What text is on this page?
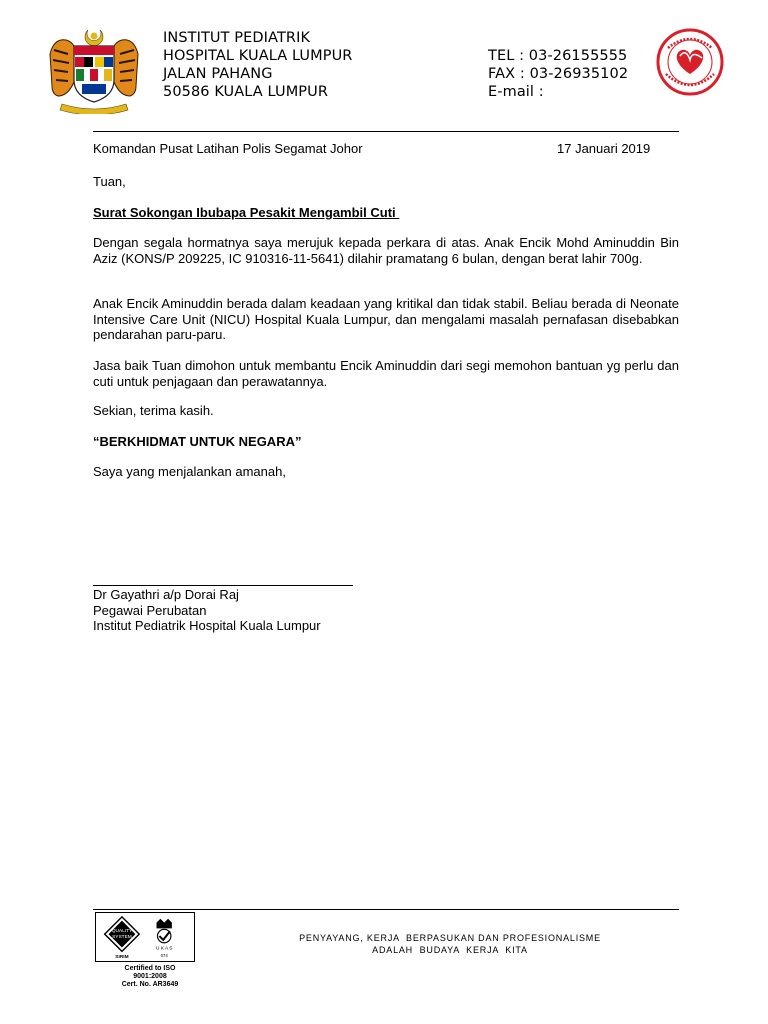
INSTITUT PEDIATRIK
HOSPITAL KUALA LUMPUR
JALAN PAHANG
50586 KUALA LUMPUR
TEL : 03-26155555
FAX : 03-26935102
E-mail :
Komandan Pusat Latihan Polis Segamat Johor	17 Januari 2019
Tuan,
Surat Sokongan Ibubapa Pesakit Mengambil Cuti
Dengan segala hormatnya saya merujuk kepada perkara di atas. Anak Encik Mohd Aminuddin Bin Aziz (KONS/P 209225, IC 910316-11-5641) dilahir pramatang 6 bulan, dengan berat lahir 700g.
Anak Encik Aminuddin berada dalam keadaan yang kritikal dan tidak stabil. Beliau berada di Neonate Intensive Care Unit (NICU) Hospital Kuala Lumpur, dan mengalami masalah pernafasan disebabkan pendarahan paru-paru.
Jasa baik Tuan dimohon untuk membantu Encik Aminuddin dari segi memohon bantuan yg perlu dan cuti untuk penjagaan dan perawatannya.
Sekian, terima kasih.
“BERKHIDMAT UNTUK NEGARA”
Saya yang menjalankan amanah,
Dr Gayathri a/p Dorai Raj
Pegawai Perubatan
Institut Pediatrik Hospital Kuala Lumpur
QUALITY
SYSTEM
SIRIM
U K A S
074
Certified to ISO
9001:2008
Cert. No. AR3649
PENYAYANG, KERJA  BERPASUKAN DAN PROFESIONALISME
ADALAH  BUDAYA  KERJA  KITA
